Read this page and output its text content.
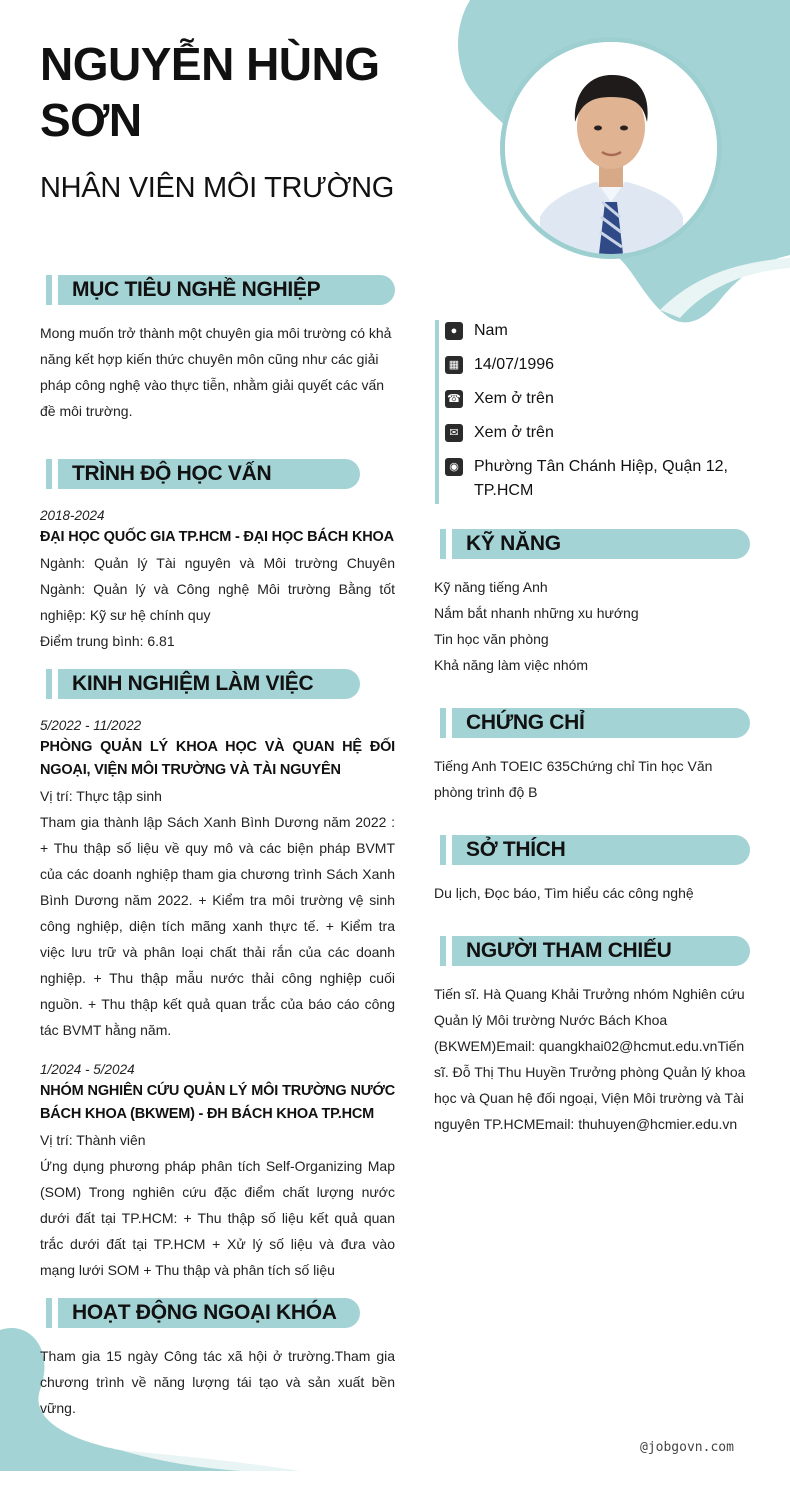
NGUYỄN HÙNG SƠN
NHÂN VIÊN MÔI TRƯỜNG
MỤC TIÊU NGHỀ NGHIỆP
Mong muốn trở thành một chuyên gia môi trường có khả năng kết hợp kiến thức chuyên môn cũng như các giải pháp công nghệ vào thực tiễn, nhằm giải quyết các vấn đề môi trường.
TRÌNH ĐỘ HỌC VẤN
2018-2024
ĐẠI HỌC QUỐC GIA TP.HCM - ĐẠI HỌC BÁCH KHOA
Ngành: Quản lý Tài nguyên và Môi trường Chuyên Ngành: Quản lý và Công nghệ Môi trường Bằng tốt nghiệp: Kỹ sư hệ chính quy
Điểm trung bình: 6.81
KINH NGHIỆM LÀM VIỆC
5/2022 - 11/2022
PHÒNG QUẢN LÝ KHOA HỌC VÀ QUAN HỆ ĐỐI NGOẠI, VIỆN MÔI TRƯỜNG VÀ TÀI NGUYÊN
Vị trí: Thực tập sinh
Tham gia thành lập Sách Xanh Bình Dương năm 2022 : + Thu thập số liệu về quy mô và các biện pháp BVMT của các doanh nghiệp tham gia chương trình Sách Xanh Bình Dương năm 2022. + Kiểm tra môi trường vệ sinh công nghiệp, diện tích mãng xanh thực tế. + Kiểm tra việc lưu trữ và phân loại chất thải rắn của các doanh nghiệp. + Thu thập mẫu nước thải công nghiệp cuối nguồn. + Thu thập kết quả quan trắc của báo cáo công tác BVMT hằng năm.
1/2024 - 5/2024
NHÓM NGHIÊN CỨU QUẢN LÝ MÔI TRƯỜNG NƯỚC BÁCH KHOA (BKWEM) - ĐH BÁCH KHOA TP.HCM
Vị trí: Thành viên
Ứng dụng phương pháp phân tích Self-Organizing Map (SOM) Trong nghiên cứu đặc điểm chất lượng nước dưới đất tại TP.HCM: + Thu thập số liệu kết quả quan trắc dưới đất tại TP.HCM + Xử lý số liệu và đưa vào mạng lưới SOM + Thu thập và phân tích số liệu
HOẠT ĐỘNG NGOẠI KHÓA
Tham gia 15 ngày Công tác xã hội ở trường.Tham gia chương trình về năng lượng tái tạo và sản xuất bền vững.
●	Nam
▦ 14/07/1996
☎ Xem ở trên
✉ Xem ở trên
◉ Phường Tân Chánh Hiệp, Quận 12, TP.HCM
KỸ NĂNG
Kỹ năng tiếng Anh
Nắm bắt nhanh những xu hướng
Tin học văn phòng
Khả năng làm việc nhóm
CHỨNG CHỈ
Tiếng Anh TOEIC 635Chứng chỉ Tin học Văn phòng trình độ B
SỞ THÍCH
Du lịch, Đọc báo, Tìm hiểu các công nghệ
NGƯỜI THAM CHIẾU
Tiến sĩ. Hà Quang Khải Trưởng nhóm Nghiên cứu Quản lý Môi trường Nước Bách Khoa (BKWEM)Email: quangkhai02@hcmut.edu.vnTiến sĩ. Đỗ Thị Thu Huyền Trưởng phòng Quản lý khoa học và Quan hệ đối ngoại, Viện Môi trường và Tài nguyên TP.HCMEmail: thuhuyen@hcmier.edu.vn
@jobgovn.com
